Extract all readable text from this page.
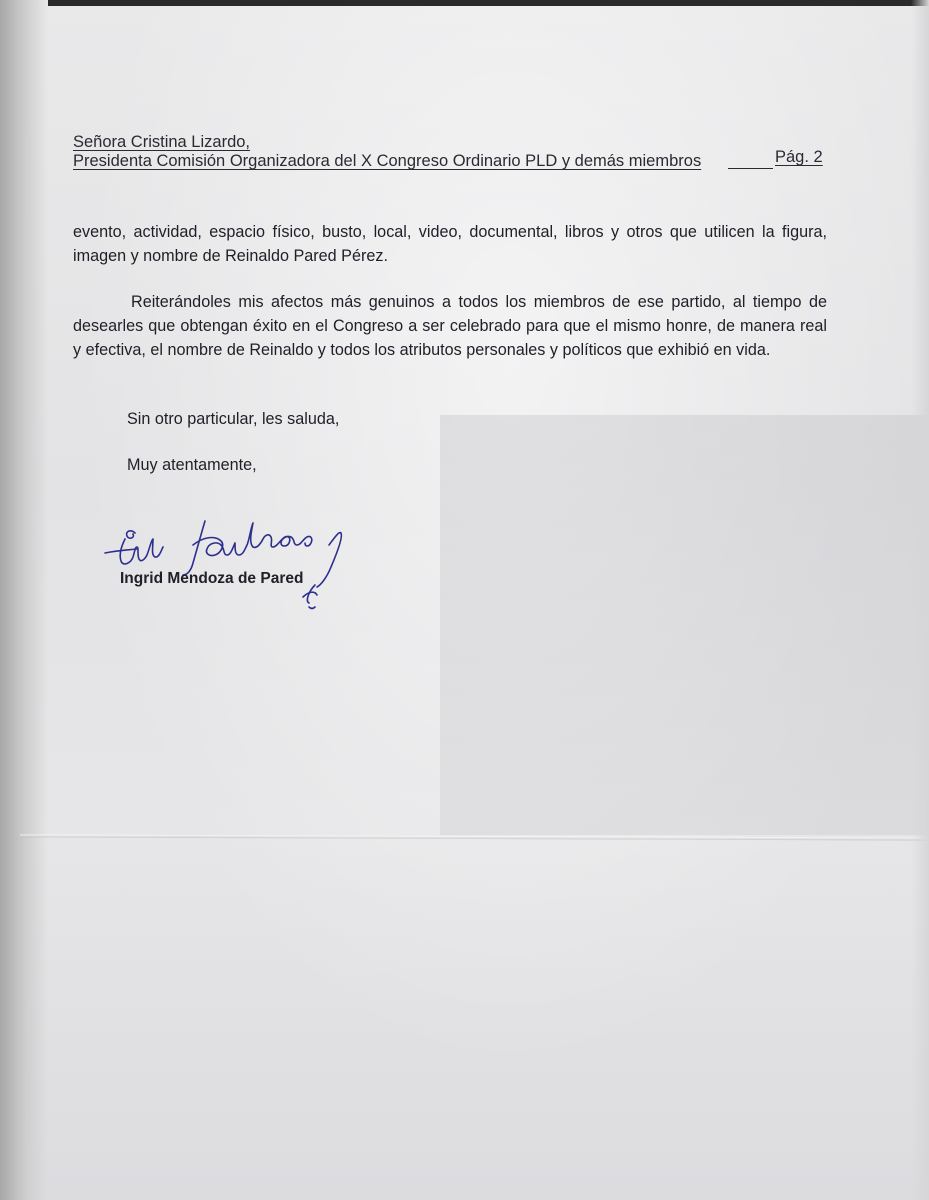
Señora Cristina Lizardo,
Presidenta Comisión Organizadora del X Congreso Ordinario PLD y demás miembros	Pág. 2
evento, actividad, espacio físico, busto, local, video, documental, libros y otros que utilicen la figura, imagen y nombre de Reinaldo Pared Pérez.
Reiterándoles mis afectos más genuinos a todos los miembros de ese partido, al tiempo de desearles que obtengan éxito en el Congreso a ser celebrado para que el mismo honre, de manera real y efectiva, el nombre de Reinaldo y todos los atributos personales y políticos que exhibió en vida.
Sin otro particular, les saluda,
Muy atentamente,
Ingrid Mendoza de Pared
